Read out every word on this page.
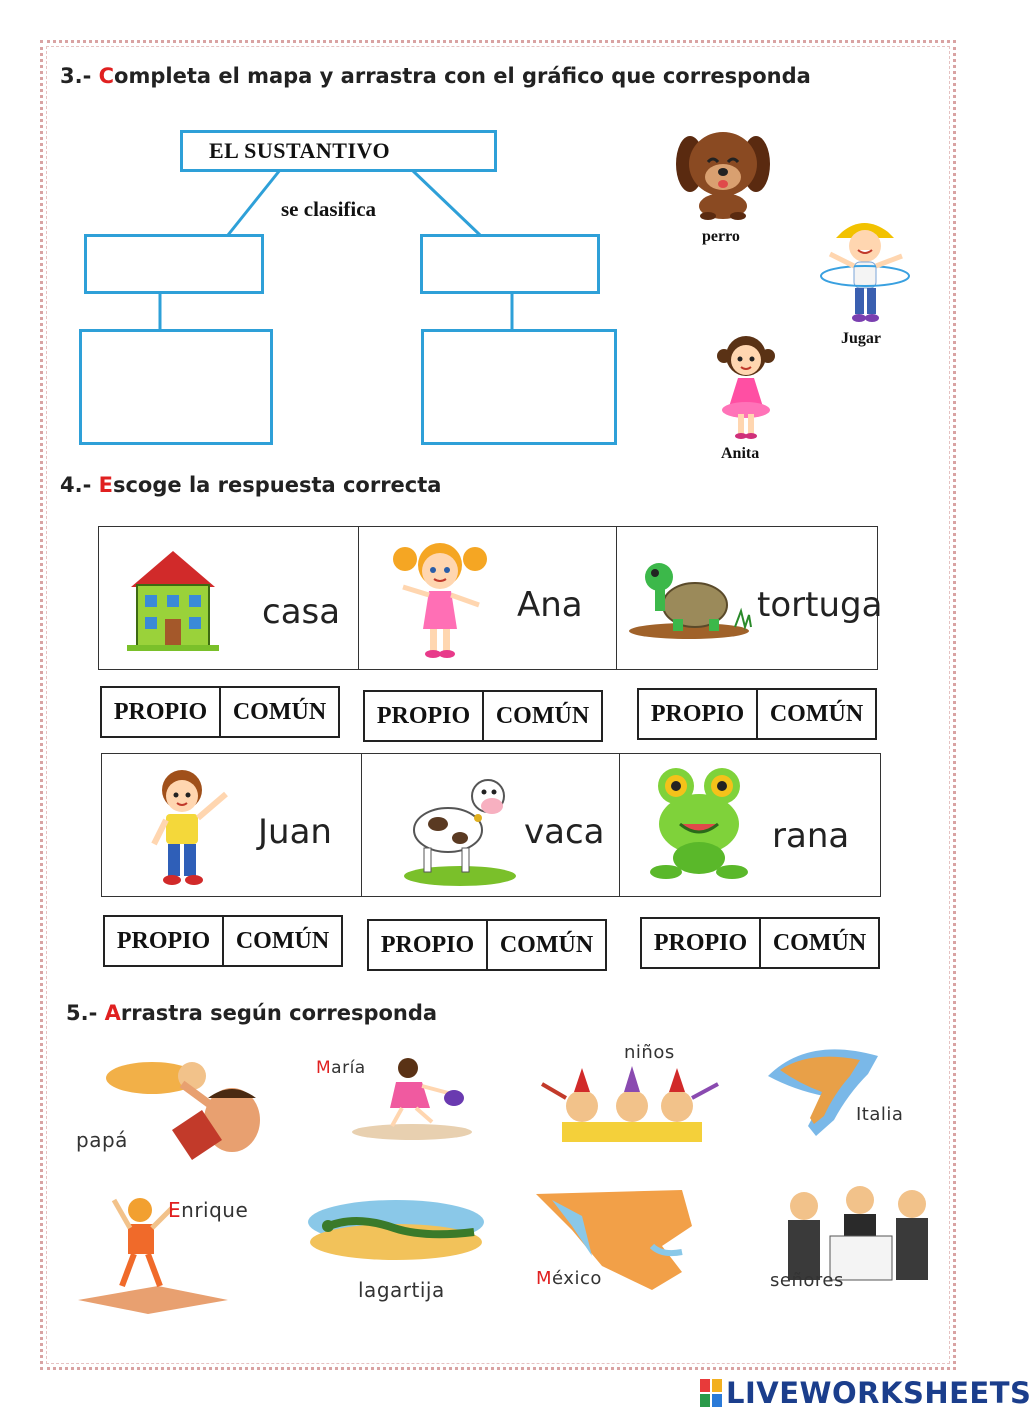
3.- Completa el mapa y arrastra con el gráfico que corresponda
EL SUSTANTIVO
se clasifica
perro
Jugar
Anita
4.- Escoge la respuesta correcta
casa	Ana	tortuga
PROPIO	COMÚN	PROPIO	COMÚN	PROPIO	COMÚN
Juan	vaca	rana
PROPIO	COMÚN	PROPIO	COMÚN	PROPIO	COMÚN
5.- Arrastra según corresponda
papá
María
niños
Italia
Enrique
lagartija	México	señores
LIVEWORKSHEETS
